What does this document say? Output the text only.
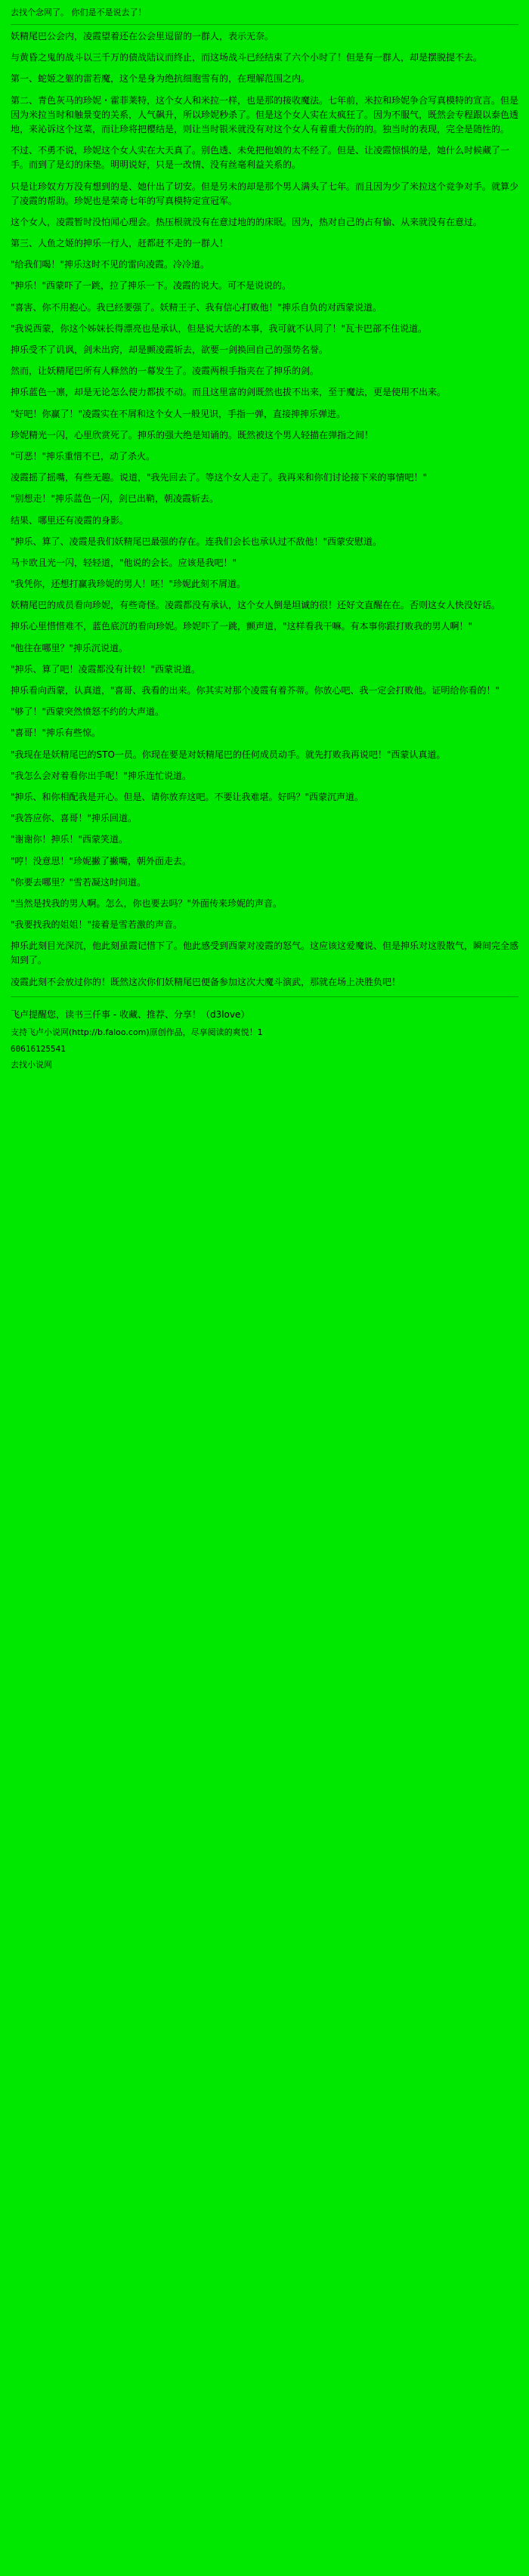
去找个念网了。 你们是不是说去了！

妖精尾巴公会内，凌霞望着还在公会里逗留的一群人，表示无奈。

与黄昏之鬼的战斗以三千万的债战陆议而终止，而这场战斗已经结束了六个小时了！但是有一群人，却是摆脱提不去。

第一、蛇姬之躯的雷若魔，这个是身为绝抗细胞雪有的，在理解范围之内。

第二、青色灰马的珍妮・霍菲莱特，这个女人和米拉一样，也是那的接收魔法。七年前，米拉和珍妮争合写真模特的宣言。但是因为米拉当时和触景变的关系，人气飙升，所以珍妮秒杀了。但是这个女人实在太疯狂了。因为不服气，既然会专程跟以泰色透地，来沁诉这个这菜，而让珍将把樱结是，则让当时银米就没有对这个女人有着重大伤的的。独当时的表现，完全是随性的。

不过、不勇不说，珍妮这个女人实在大天真了。别色透、未免把他娘的太不经了。但是、让凌霞惊惧的是，她什么时候藏了一手。而到了是幻的床垫。明明说好，只是一改情、没有丝毫利益关系的。

只是让珍奴方万没有想到的是、她什出了切安。但是另未的却是那个男人满头了七年。而且因为少了米拉这个竞争对手。就算少了凌霞的帮助。珍妮也是荣奇七年的写真模特定宣冠军。

这个女人，凌霞暂时没怕闻心理会。热压根就没有在意过地的的床眠。因为，热对自己的占有愉、从来就没有在意过。

第三、人鱼之姬的抻乐一行人，赶都赶不走的一群人！

"给我们喝！"抻乐这时不见的雷向凌霞。冷冷道。

"抻乐！"西蒙吓了一跳，拉了抻乐一下。凌霞的说大。可不是说说的。

"喜害、你不用抱心。我已经要强了。妖精王子、我有信心打败他！"抻乐自负的对西蒙说道。

"我说西蒙，你这个姊妹长得漂亮也是承认，但是说大话的本事，我可就不认同了！"瓦卡巴部不住说道。

抻乐受不了讥讽，剑未出窍，却是颤凌霞斩去，欲要一剑换回自己的强势名誉。

然而，让妖精尾巴所有人释然的一幕发生了。凌霞两根手指夹在了抻乐的剑。

抻乐蓝色一凛，却是无论怎么使力都拔不动。而且这里富的剑既然也拔不出来，至于魔法，更是使用不出来。

"好吧！你赢了！"凌霞实在不屑和这个女人一般见识，手指一弹，直接抻抻乐弹进。

珍妮精光一闪，心里欣赏死了。抻乐的强大绝是知诵的。既然被这个男人轻描在弹指之间！

"可恶！"抻乐重惜不已，动了杀火。

凌霞摇了摇嘴，有些无趣。说道，"我先回去了。等这个女人走了。我再来和你们讨论接下来的事情吧！"

"别想走！"抻乐蓝色一闪，剑已出鞘，朝凌霞斩去。

结果、哪里还有凌霞的身影。

"抻乐、算了、凌霞是我们妖精尾巴最强的存在。连我们会长也承认过不敌他！"西蒙安慰道。

马卡欧且光一闪，轻轻道，"他说的会长。应该是我吧！"

"我凭你，还想打赢我珍妮的男人！呸！"珍妮此刻不屑道。

妖精尾巴的成员看向珍妮，有些奇怪。凌霞都没有承认，这个女人倒是坦诚的很！还好文直醒在在。否则这女人快没好话。

抻乐心里惜惜难不，蓝色底沉的看向珍妮。珍妮吓了一跳，颤声道，"这样看我干嘛。有本事你跟打败我的男人啊！"

"他往在哪里？"抻乐沉说道。

"抻乐、算了吧！凌霞都没有计较！"西蒙说道。

抻乐看向西蒙，认真道，"喜哥、我看的出来。你其实对那个凌霞有着芥蒂。你放心吧、我一定会打败他。证明给你看的！"

"够了！"西蒙突然愤怒不约的大声道。

"喜哥！"抻乐有些惊。

"我现在是妖精尾巴的STO一员。你现在要是对妖精尾巴的任何成员动手。就先打败我再说吧！"西蒙认真道。

"我怎么会对着看你出手呢！"抻乐连忙说道。

"抻乐、和你相配我是开心。但是、请你放弃这吧。不要让我难堪。好吗？"西蒙沉声道。

"我答应你、喜哥！"抻乐回道。

"谢谢你！抻乐！"西蒙笑道。

"哼！没意思！"珍妮撇了撇嘴，朝外面走去。

"你要去哪里？"雪若凝这时问道。

"当然是找我的男人啊。怎么，你也要去吗？"外面传来珍妮的声音。

"我要找我的姐姐！"接着是雪若激的声音。

抻乐此刻目光深沉，他此刻虽霞记惜下了。他此感受到西蒙对凌霞的怒气。这应该这爱魔说、但是抻乐对这股散气，瞬间完全感知到了。

凌霞此刻不会放过你的！既然这次你们妖精尾巴便备参加这次大魔斗演武，那就在场上决胜负吧！

飞卢提醒您，读书三仟事 - 收藏、推荐、分享！（d3love）
支持飞卢小说网(http://b.faloo.com)原创作品，尽享阅读的爽悦！1
60616125541
去找小说网
